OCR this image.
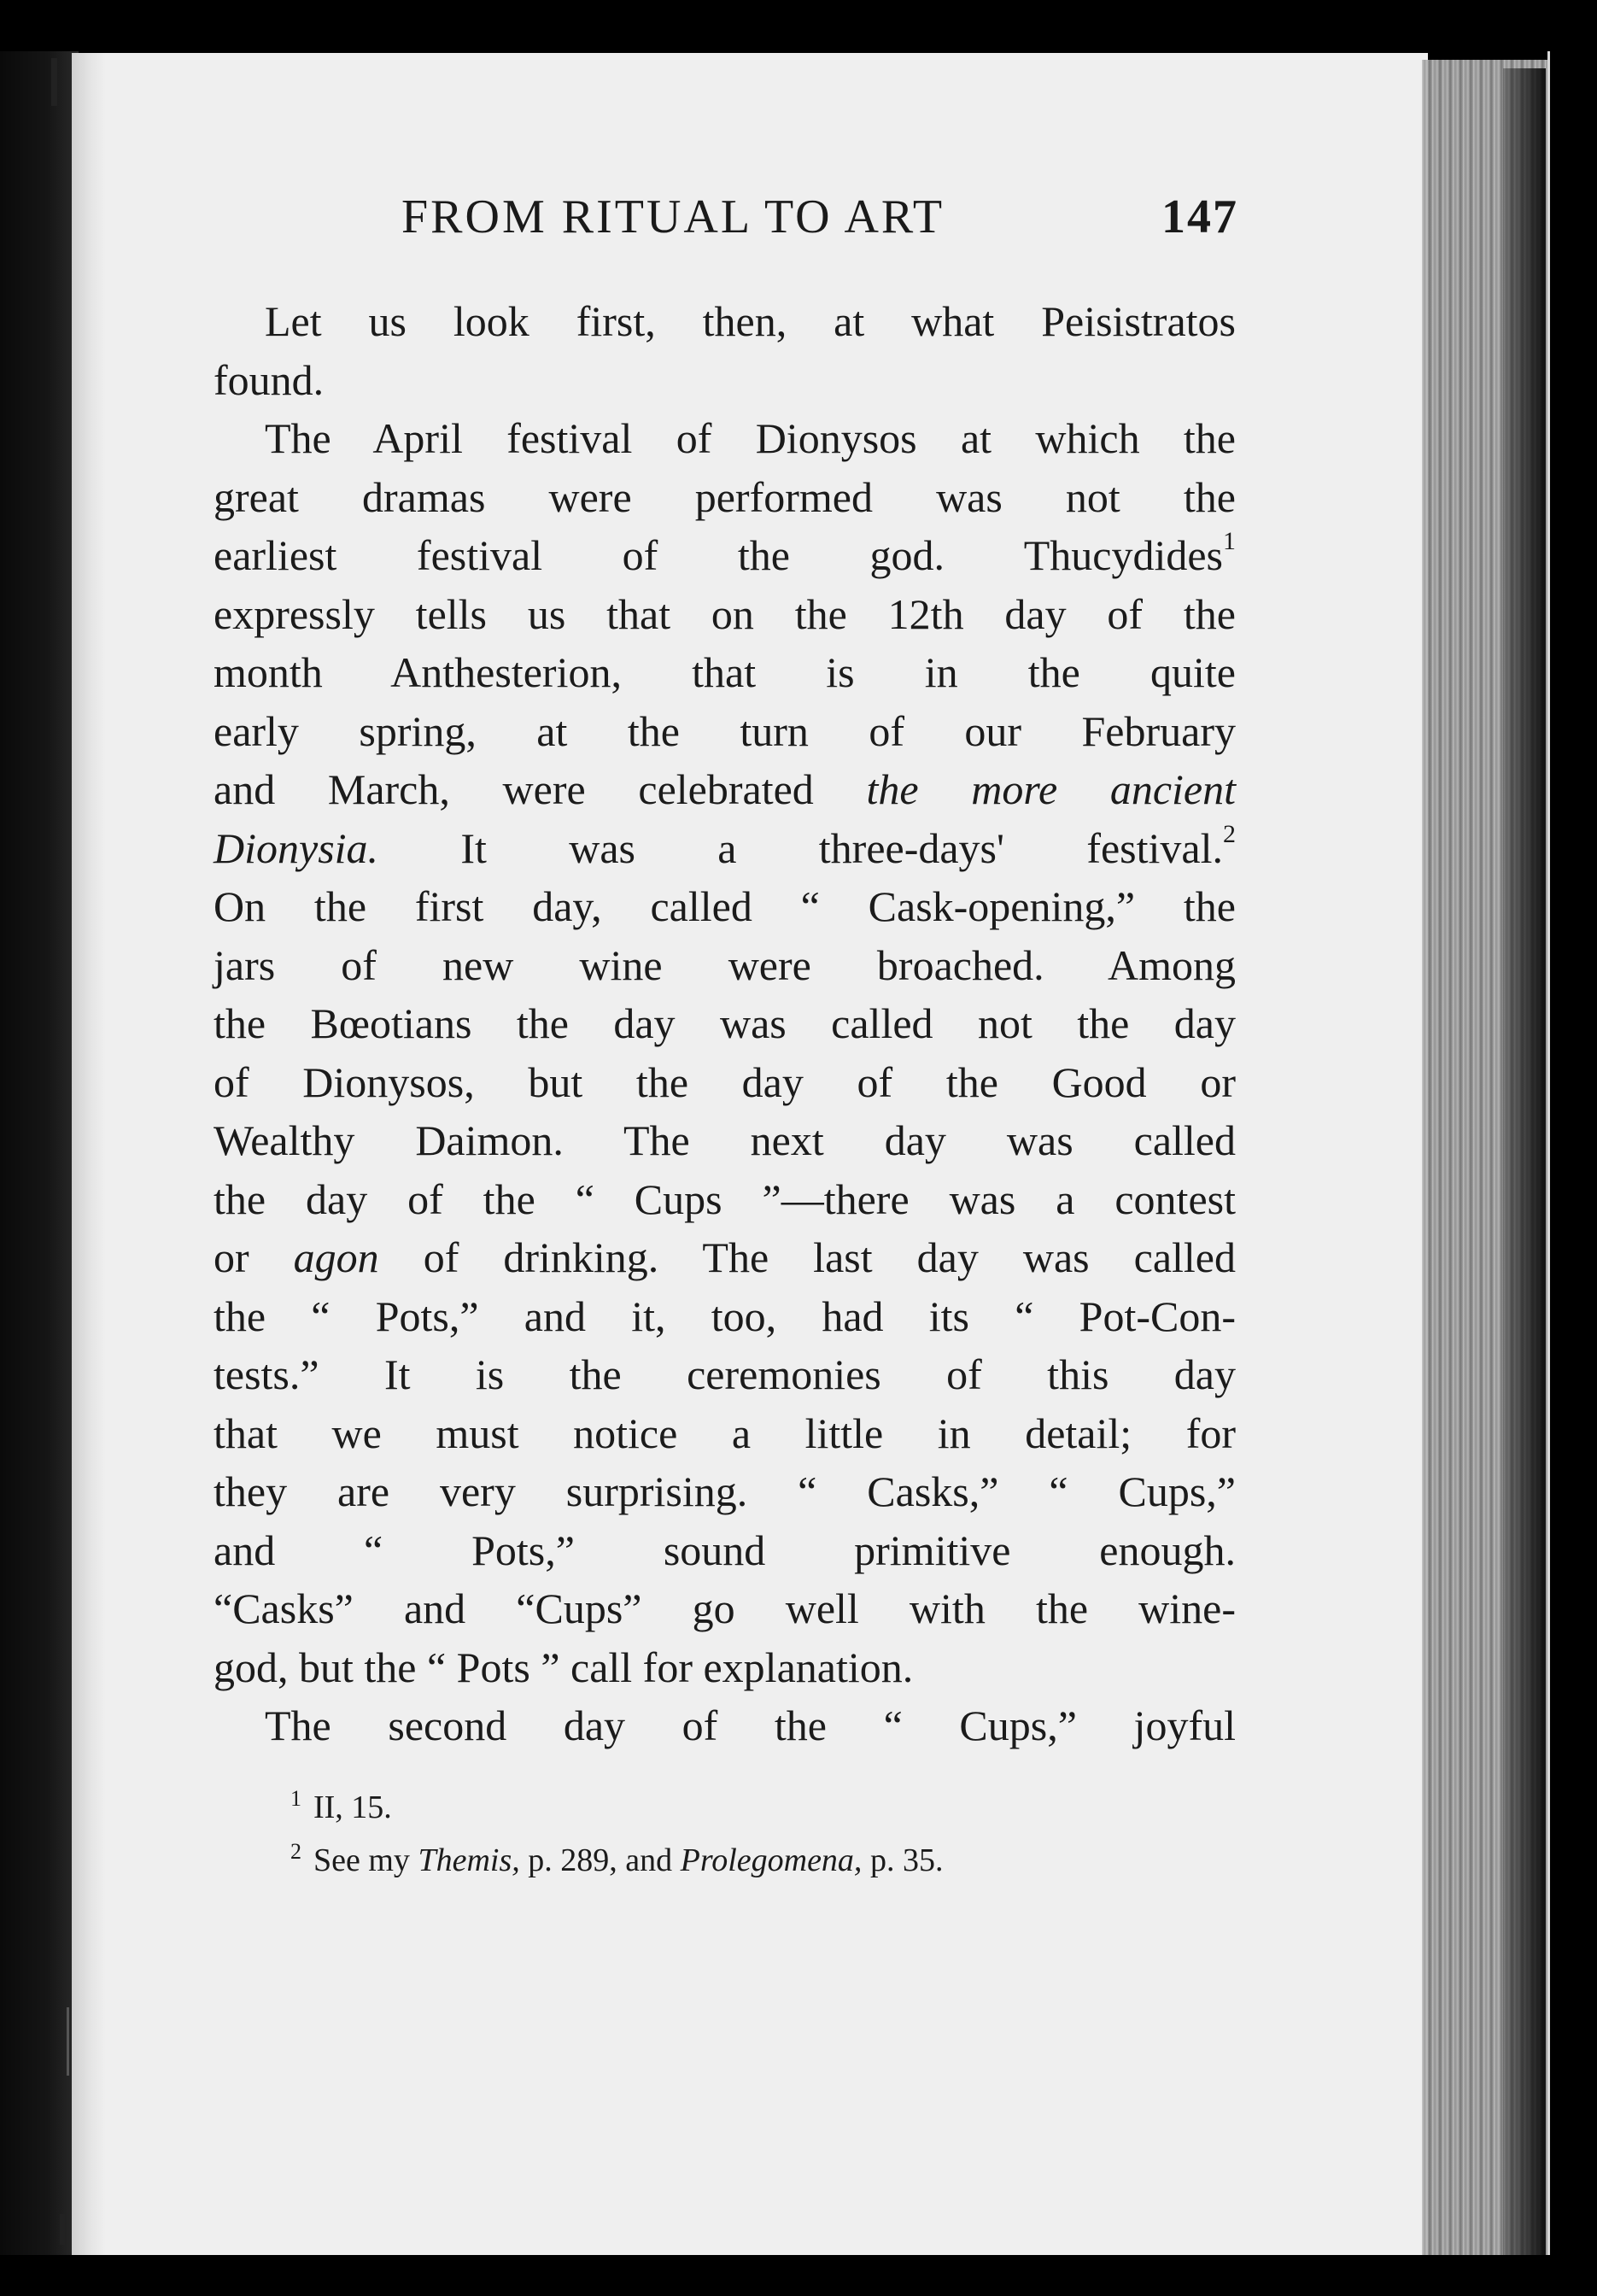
FROM RITUAL TO ART	147
Let us look first, then, at what Peisistratos
found.
The April festival of Dionysos at which the
great dramas were performed was not the
earliest festival of the god. Thucydides$^1$
expressly tells us that on the 12th day of the
month Anthesterion, that is in the quite
early spring, at the turn of our February
and March, were celebrated the more ancient
Dionysia. It was a three-days' festival.$^2$
On the first day, called “ Cask-opening,” the
jars of new wine were broached. Among
the Bœotians the day was called not the day
of Dionysos, but the day of the Good or
Wealthy Daimon. The next day was called
the day of the “ Cups ”—there was a contest
or agon of drinking. The last day was called
the “ Pots,” and it, too, had its “ Pot-Con-
tests.” It is the ceremonies of this day
that we must notice a little in detail; for
they are very surprising. “ Casks,” “ Cups,”
and “ Pots,” sound primitive enough.
“Casks” and “Cups” go well with the wine-
god, but the “ Pots ” call for explanation.
The second day of the “ Cups,” joyful
$^1$ II, 15.
$^2$ See my Themis, p. 289, and Prolegomena, p. 35.
